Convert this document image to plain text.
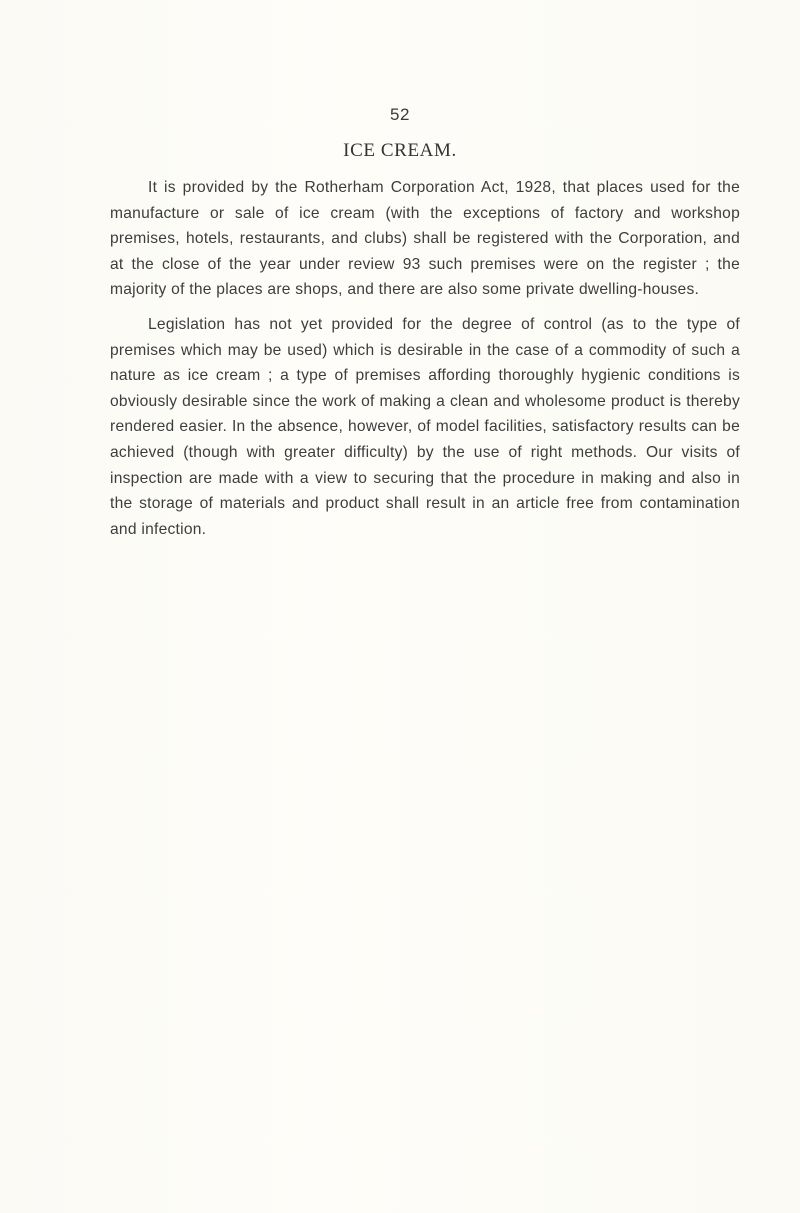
52
ICE CREAM.

It is provided by the Rotherham Corporation Act, 1928, that places used for the manufacture or sale of ice cream (with the exceptions of factory and workshop premises, hotels, restaurants, and clubs) shall be registered with the Corporation, and at the close of the year under review 93 such premises were on the register ; the majority of the places are shops, and there are also some private dwelling-houses.

Legislation has not yet provided for the degree of control (as to the type of premises which may be used) which is desirable in the case of a commodity of such a nature as ice cream ; a type of premises affording thoroughly hygienic conditions is obviously desirable since the work of making a clean and wholesome product is thereby rendered easier. In the absence, however, of model facilities, satisfactory results can be achieved (though with greater difficulty) by the use of right methods. Our visits of inspection are made with a view to securing that the procedure in making and also in the storage of materials and product shall result in an article free from contamination and infection.
